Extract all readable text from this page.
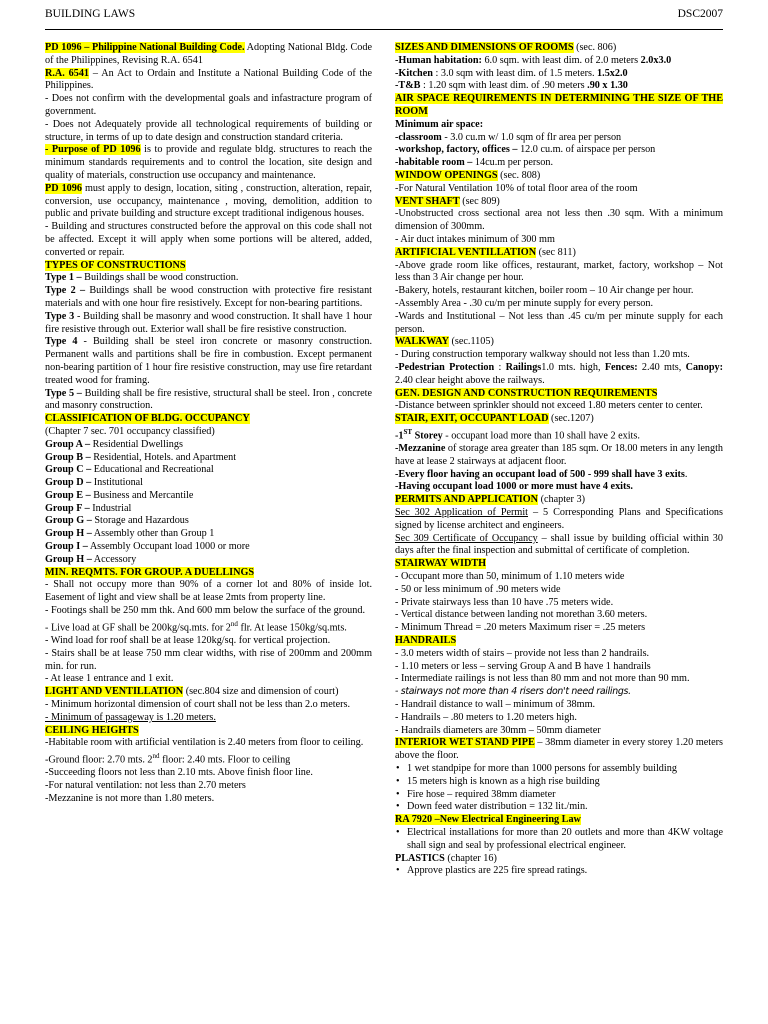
BUILDING LAWS	DSC2007

PD 1096 – Philippine National Building Code. Adopting National Bldg. Code of the Philippines, Revising R.A. 6541

R.A. 6541 – An Act to Ordain and Institute a National Building Code of the Philippines.

- Does not confirm with the developmental goals and infastracture program of government.

- Does not Adequately provide all technological requirements of building or structure, in terms of up to date design and construction standard criteria.

- Purpose of PD 1096 is to provide and regulate bldg. structures to reach the minimum standards requirements and to control the location, site design and quality of materials, construction use occupancy and maintenance.

PD 1096 must apply to design, location, siting , construction, alteration, repair, conversion, use occupancy, maintenance , moving, demolition, addition to public and private building and structure except traditional indigenous houses.

- Building and structures constructed before the approval on this code shall not be affected. Except it will apply when some portions will be altered, added, converted or repair.

TYPES OF CONSTRUCTIONS

Type 1 – Buildings shall be wood construction.

Type 2 – Buildings shall be wood construction with protective fire resistant materials and with one hour fire resistively. Except for non-bearing partitions.

Type 3 - Building shall be masonry and wood construction. It shall have 1 hour fire resistive through out. Exterior wall shall be fire resistive construction.

Type 4 - Building shall be steel iron concrete or masonry construction. Permanent walls and partitions shall be fire in combustion. Except permanent non-bearing partition of 1 hour fire resistive construction, may use fire retardant treated wood for framing.

Type 5 – Building shall be fire resistive, structural shall be steel. Iron , concrete and masonry construction.

CLASSIFICATION OF BLDG. OCCUPANCY

(Chapter 7 sec. 701 occupancy classified)

Group A – Residential Dwellings
Group B – Residential, Hotels. and Apartment
Group C – Educational and Recreational
Group D – Institutional
Group E – Business and Mercantile
Group F – Industrial
Group G – Storage and Hazardous
Group H – Assembly other than Group 1
Group I – Assembly Occupant load 1000 or more
Group H – Accessory
MIN. REQMTS. FOR GROUP. A DUELLINGS

- Shall not occupy more than 90% of a corner lot and 80% of inside lot. Easement of light and view shall be at lease 2mts from property line.

- Footings shall be 250 mm thk. And 600 mm below the surface of the ground.

- Live load at GF shall be 200kg/sq.mts. for 2nd flr. At lease 150kg/sq.mts.

- Wind load for roof shall be at lease 120kg/sq. for vertical projection.

- Stairs shall be at lease 750 mm clear widths, with rise of 200mm and 200mm min. for run.

- At lease 1 entrance and 1 exit.

LIGHT AND VENTILLATION (sec.804 size and dimension of court)

- Minimum horizontal dimension of court shall not be less than 2.o meters.

- Minimum of passageway is 1.20 meters.

CEILING HEIGHTS

-Habitable room with artificial ventilation is 2.40 meters from floor to ceiling.

-Ground floor: 2.70 mts. 2nd floor: 2.40 mts. Floor to ceiling

-Succeeding floors not less than 2.10 mts. Above finish floor line.

-For natural ventilation: not less than 2.70 meters

-Mezzanine is not more than 1.80 meters.

SIZES AND DIMENSIONS OF ROOMS (sec. 806)
-Human habitation: 6.0 sqm. with least dim. of 2.0 meters 2.0x3.0
-Kitchen : 3.0 sqm with least dim. of 1.5 meters. 1.5x2.0
-T&B : 1.20 sqm with least dim. of .90 meters .90 x 1.30
AIR SPACE REQUIREMENTS IN DETERMINING THE SIZE OF THE ROOM
Minimum air space:
-classroom - 3.0 cu.m w/ 1.0 sqm of flr area per person
-workshop, factory, offices – 12.0 cu.m. of airspace per person
-habitable room – 14cu.m per person.
WINDOW OPENINGS (sec. 808)

-For Natural Ventilation 10% of total floor area of the room

VENT SHAFT (sec 809)

-Unobstructed cross sectional area not less then .30 sqm. With a minimum dimension of 300mm.

- Air duct intakes minimum of 300 mm

ARTIFICIAL VENTILLATION (sec 811)

-Above grade room like offices, restaurant, market, factory, workshop – Not less than 3 Air change per hour.

-Bakery, hotels, restaurant kitchen, boiler room – 10 Air change per hour.

-Assembly Area - .30 cu/m per minute supply for every person.

-Wards and Institutional – Not less than .45 cu/m per minute supply for each person.

WALKWAY (sec.1105)

- During construction temporary walkway should not less than 1.20 mts.

-Pedestrian Protection : Railings1.0 mts. high, Fences: 2.40 mts, Canopy: 2.40 clear height above the railways.

GEN. DESIGN AND CONSTRUCTION REQUIREMENTS

-Distance between sprinkler should not exceed 1.80 meters center to center.

STAIR, EXIT, OCCUPANT LOAD (sec.1207)

-1ST Storey - occupant load more than 10 shall have 2 exits.

-Mezzanine of storage area greater than 185 sqm. Or 18.00 meters in any length have at lease 2 stairways at adjacent floor.

-Every floor having an occupant load of 500 - 999 shall have 3 exits.

-Having occupant load 1000 or more must have 4 exits.

PERMITS AND APPLICATION (chapter 3)

Sec 302 Application of Permit – 5 Corresponding Plans and Specifications signed by license architect and engineers.

Sec 309 Certificate of Occupancy – shall issue by building official within 30 days after the final inspection and submittal of certificate of completion.

STAIRWAY WIDTH

- Occupant more than 50, minimum of 1.10 meters wide

- 50 or less minimum of .90 meters wide

- Private stairways less than 10 have .75 meters wide.

- Vertical distance between landing not morethan 3.60 meters.

- Minimum Thread = .20 meters Maximum riser = .25 meters

HANDRAILS

- 3.0 meters width of stairs – provide not less than 2 handrails.

- 1.10 meters or less – serving Group A and B have 1 handrails

- Intermediate railings is not less than 80 mm and not more than 90 mm.

- stairways not more than 4 risers don't need railings.

- Handrail distance to wall – minimum of 38mm.

- Handrails – .80 meters to 1.20 meters high.

- Handrails diameters are 30mm – 50mm diameter

INTERIOR WET STAND PIPE – 38mm diameter in every storey 1.20 meters above the floor.
• 1 wet standpipe for more than 1000 persons for assembly building
• 15 meters high is known as a high rise building
• Fire hose – required 38mm diameter
• Down feed water distribution = 132 lit./min.
RA 7920 –New Electrical Engineering Law
• Electrical installations for more than 20 outlets and more than 4KW voltage shall sign and seal by professional electrical engineer.
PLASTICS (chapter 16)
• Approve plastics are 225 fire spread ratings.
